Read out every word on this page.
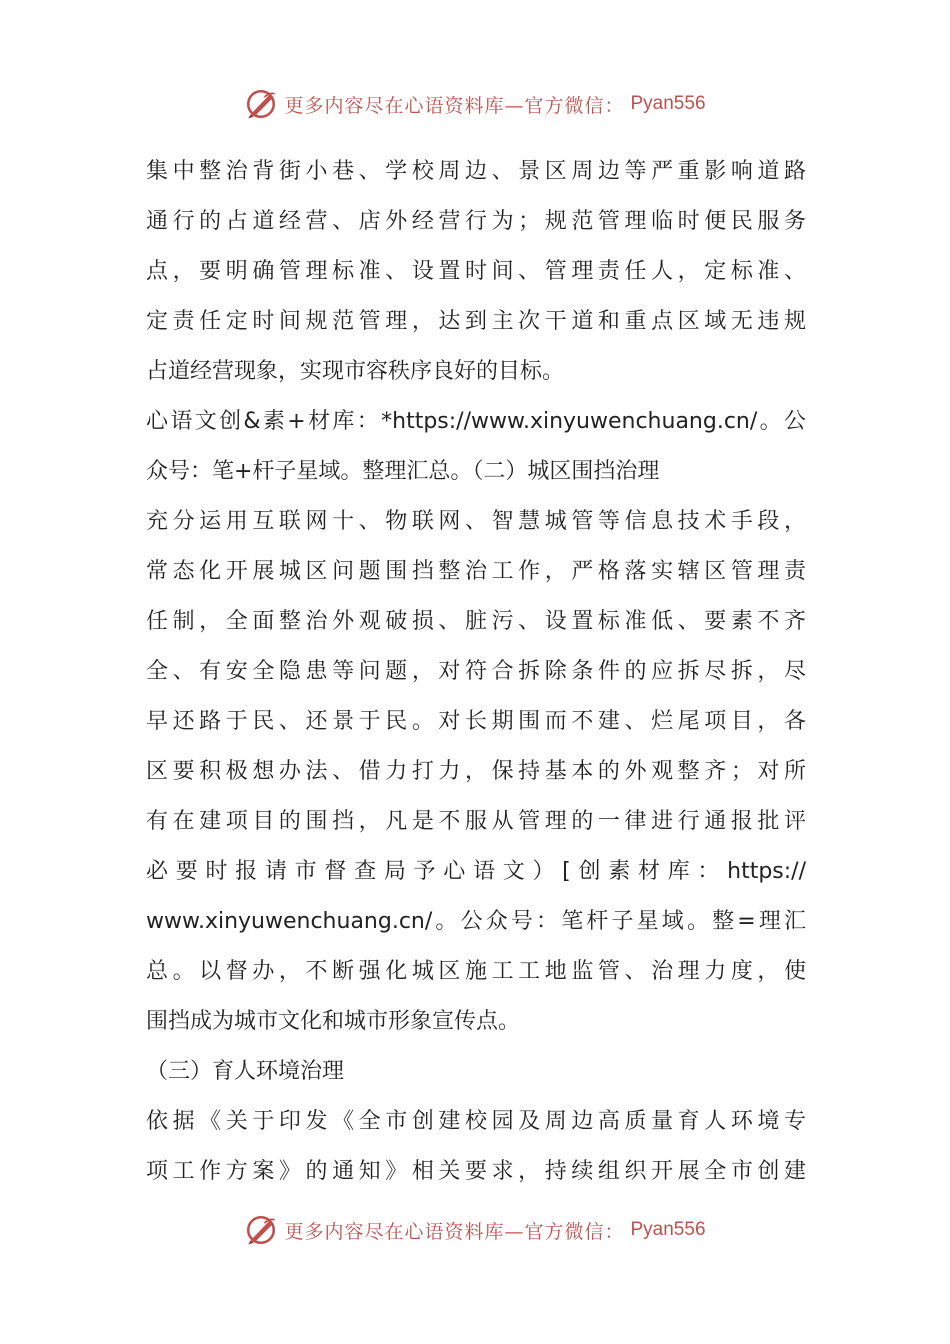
更多内容尽在心语资料库—官方微信： Pyan556
集中整治背街小巷、学校周边、景区周边等严重影响道路
通行的占道经营、店外经营行为；规范管理临时便民服务
点，要明确管理标准、设置时间、管理责任人，定标准、
定责任定时间规范管理，达到主次干道和重点区域无违规
占道经营现象，实现市容秩序良好的目标。
心语文创&素+材库：*https://www.xinyuwenchuang.cn/。公
众号：笔+杆子星域。整理汇总。（二）城区围挡治理
充分运用互联网十、物联网、智慧城管等信息技术手段，
常态化开展城区问题围挡整治工作，严格落实辖区管理责
任制，全面整治外观破损、脏污、设置标准低、要素不齐
全、有安全隐患等问题，对符合拆除条件的应拆尽拆，尽
早还路于民、还景于民。对长期围而不建、烂尾项目，各
区要积极想办法、借力打力，保持基本的外观整齐；对所
有在建项目的围挡，凡是不服从管理的一律进行通报批评
必要时报请市督查局予心语文）[创素材库：https://
www.xinyuwenchuang.cn/。公众号：笔杆子星域。整=理汇
总。以督办，不断强化城区施工工地监管、治理力度，使
围挡成为城市文化和城市形象宣传点。
（三）育人环境治理
依据《关于印发《全市创建校园及周边高质量育人环境专
项工作方案》的通知》相关要求，持续组织开展全市创建
更多内容尽在心语资料库—官方微信： Pyan556
